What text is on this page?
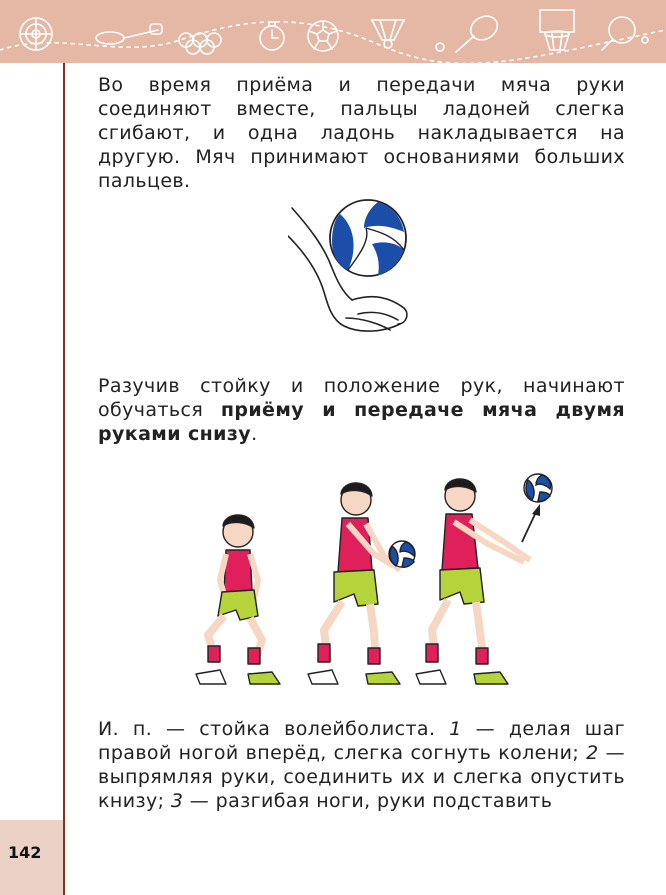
142

Во время приёма и передачи мяча руки соединяют вместе, пальцы ладоней слегка сгибают, и одна ладонь накладывается на другую. Мяч принимают основаниями больших пальцев.

Разучив стойку и положение рук, начинают обучаться приёму и передаче мяча двумя руками снизу.

И. п. — стойка волейболиста. 1 — делая шаг правой ногой вперёд, слегка согнуть колени; 2 — выпрямляя руки, соединить их и слегка опустить книзу; 3 — разгибая ноги, руки подставить
